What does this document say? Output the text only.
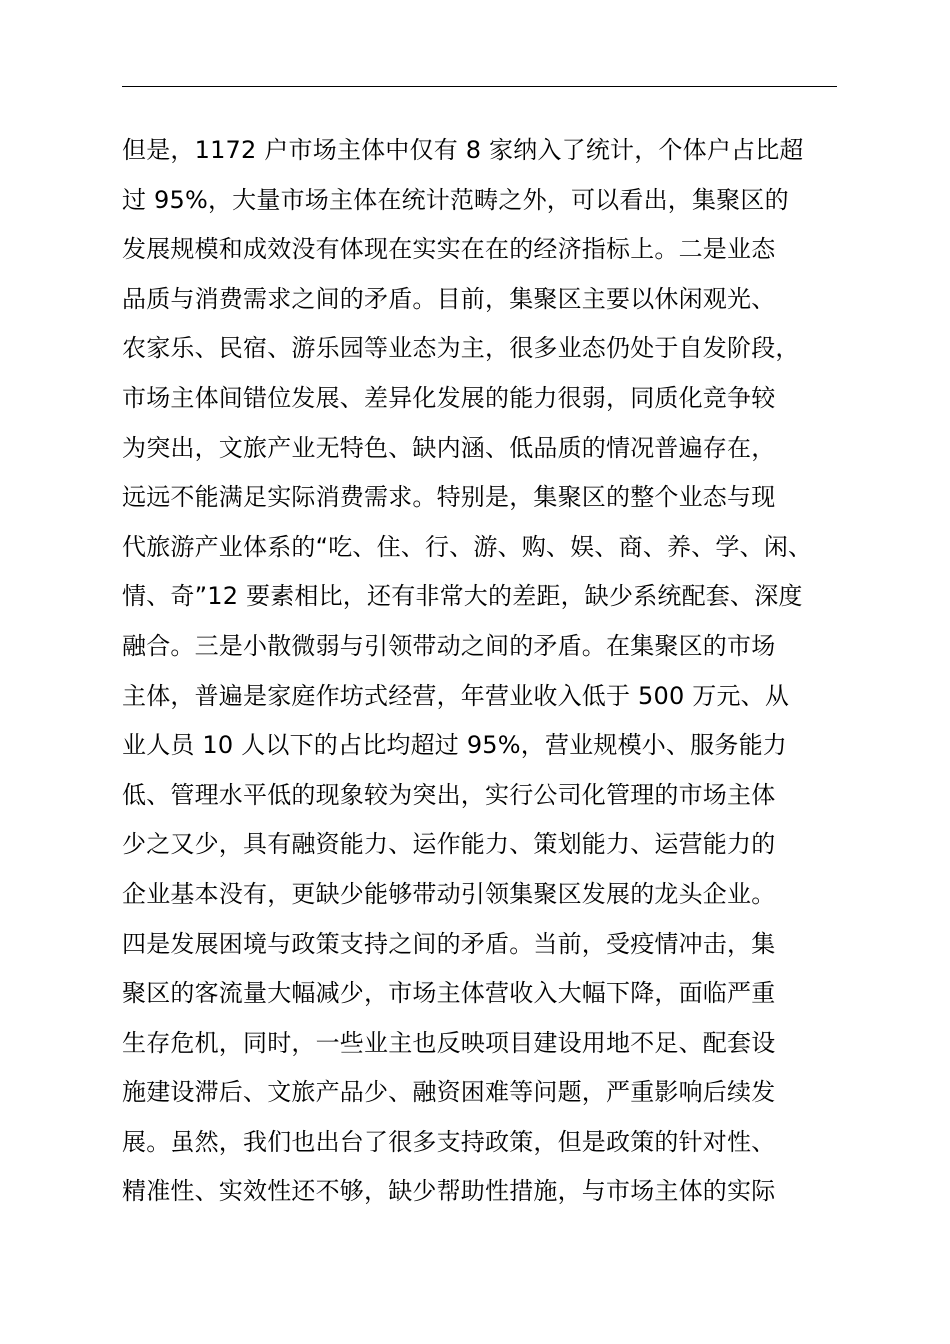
但是，1172 户市场主体中仅有 8 家纳入了统计，个体户占比超
过 95%，大量市场主体在统计范畴之外，可以看出，集聚区的
发展规模和成效没有体现在实实在在的经济指标上。二是业态
品质与消费需求之间的矛盾。目前，集聚区主要以休闲观光、
农家乐、民宿、游乐园等业态为主，很多业态仍处于自发阶段，
市场主体间错位发展、差异化发展的能力很弱，同质化竞争较
为突出，文旅产业无特色、缺内涵、低品质的情况普遍存在，
远远不能满足实际消费需求。特别是，集聚区的整个业态与现
代旅游产业体系的“吃、住、行、游、购、娱、商、养、学、闲、
情、奇”12 要素相比，还有非常大的差距，缺少系统配套、深度
融合。三是小散微弱与引领带动之间的矛盾。在集聚区的市场
主体，普遍是家庭作坊式经营，年营业收入低于 500 万元、从
业人员 10 人以下的占比均超过 95%，营业规模小、服务能力
低、管理水平低的现象较为突出，实行公司化管理的市场主体
少之又少，具有融资能力、运作能力、策划能力、运营能力的
企业基本没有，更缺少能够带动引领集聚区发展的龙头企业。
四是发展困境与政策支持之间的矛盾。当前，受疫情冲击，集
聚区的客流量大幅减少，市场主体营收入大幅下降，面临严重
生存危机，同时，一些业主也反映项目建设用地不足、配套设
施建设滞后、文旅产品少、融资困难等问题，严重影响后续发
展。虽然，我们也出台了很多支持政策，但是政策的针对性、
精准性、实效性还不够，缺少帮助性措施，与市场主体的实际
